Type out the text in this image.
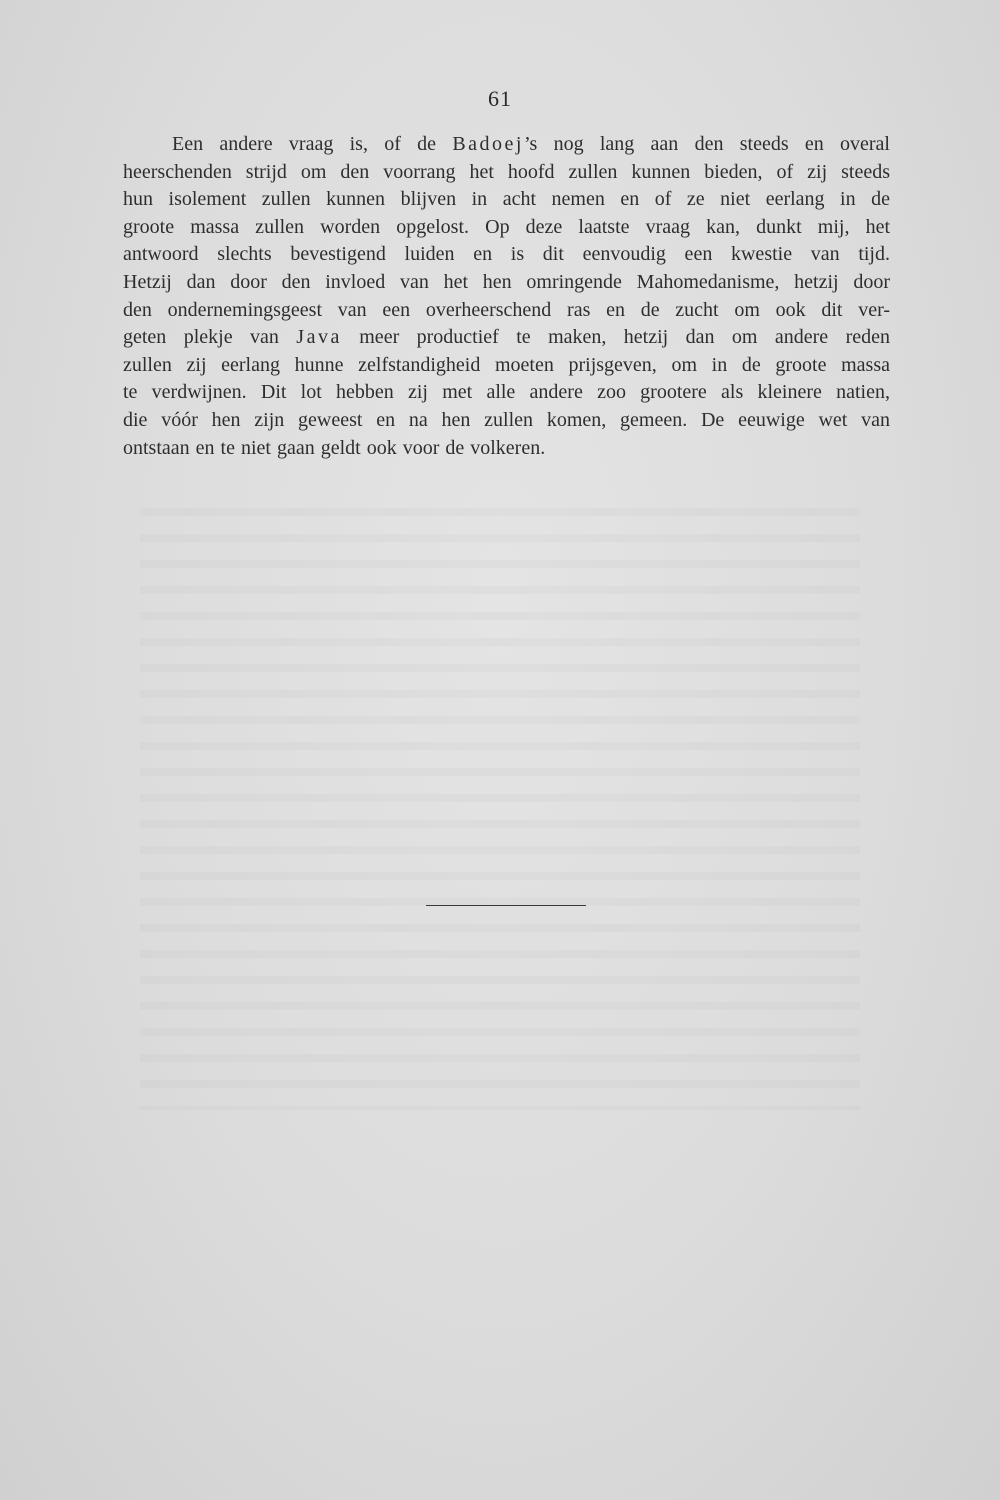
61
Een andere vraag is, of de Badoej’s nog lang aan den steeds en overal
heerschenden strijd om den voorrang het hoofd zullen kunnen bieden, of zij steeds
hun isolement zullen kunnen blijven in acht nemen en of ze niet eerlang in de
groote massa zullen worden opgelost. Op deze laatste vraag kan, dunkt mij, het
antwoord slechts bevestigend luiden en is dit eenvoudig een kwestie van tijd.
Hetzij dan door den invloed van het hen omringende Mahomedanisme, hetzij door
den ondernemingsgeest van een overheerschend ras en de zucht om ook dit ver-
geten plekje van Java meer productief te maken, hetzij dan om andere reden
zullen zij eerlang hunne zelfstandigheid moeten prijsgeven, om in de groote massa
te verdwijnen. Dit lot hebben zij met alle andere zoo grootere als kleinere natien,
die vóór hen zijn geweest en na hen zullen komen, gemeen. De eeuwige wet van
ontstaan en te niet gaan geldt ook voor de volkeren.
